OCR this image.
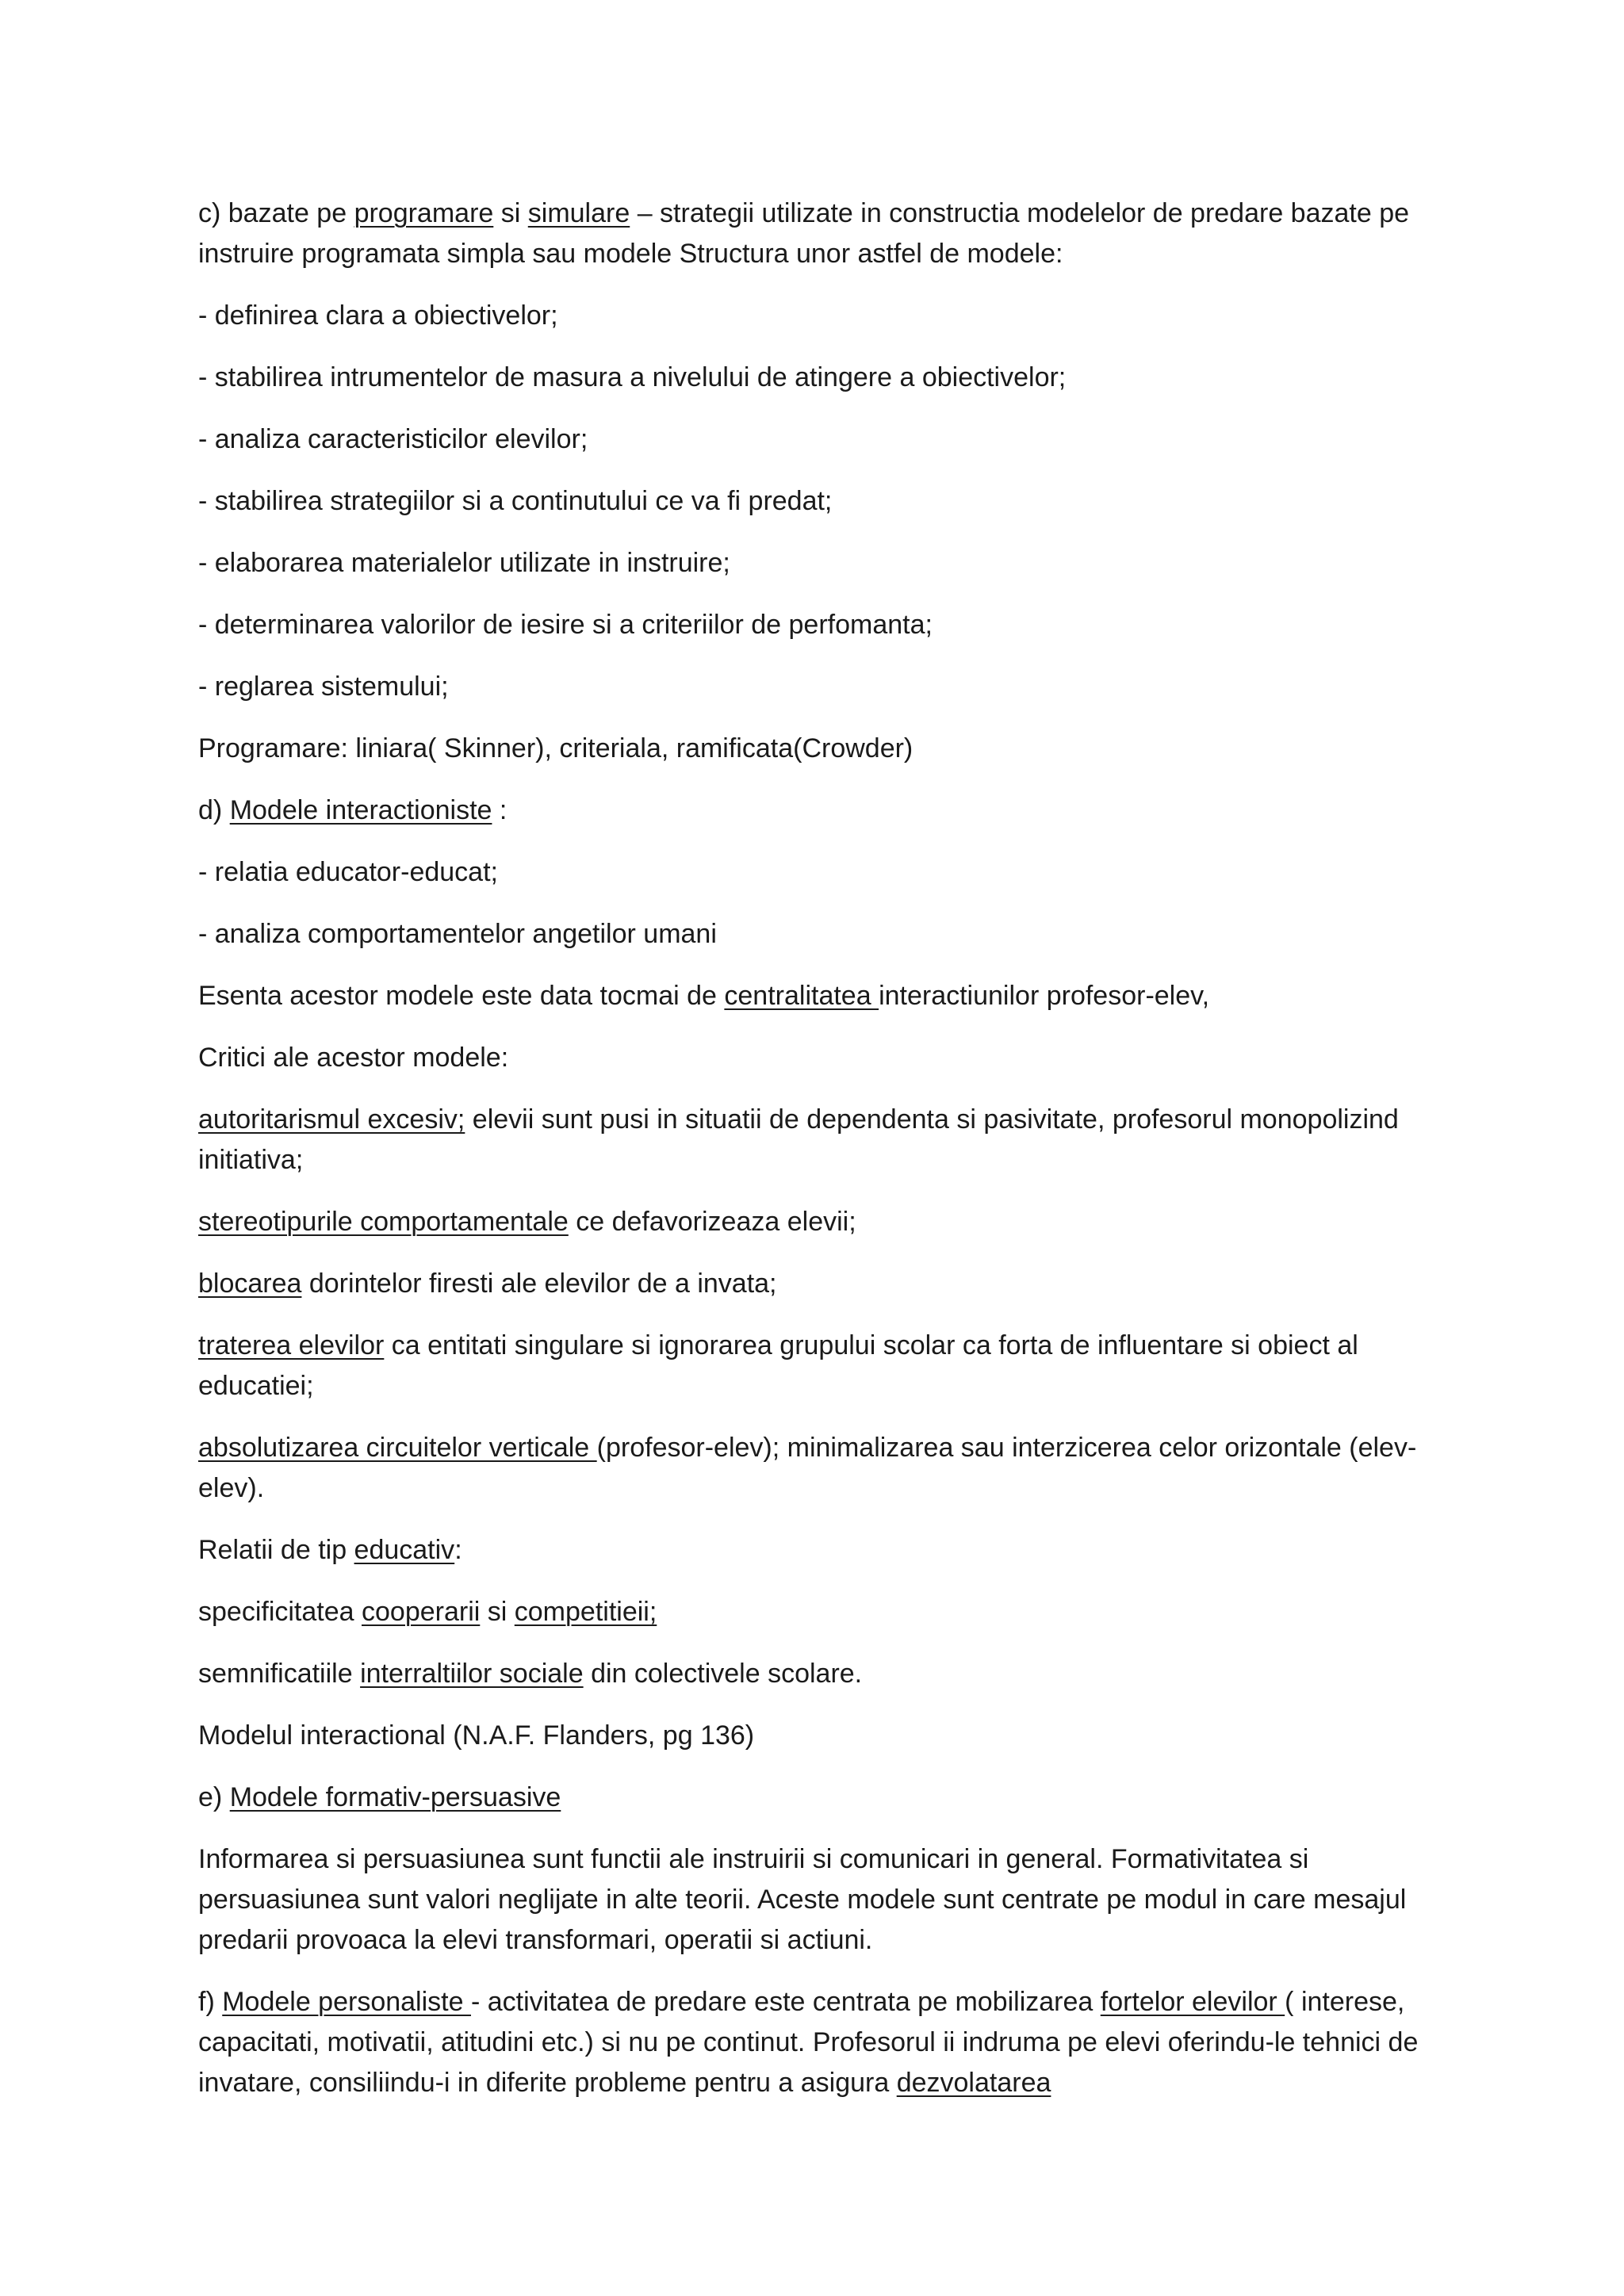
c) bazate pe programare si simulare – strategii utilizate in constructia modelelor de predare bazate pe instruire programata simpla sau modele Structura unor astfel de modele:

- definirea clara a obiectivelor;

- stabilirea intrumentelor de masura a nivelului de atingere a obiectivelor;

- analiza caracteristicilor elevilor;

- stabilirea strategiilor si a continutului ce va fi predat;

- elaborarea materialelor utilizate in instruire;

- determinarea valorilor de iesire si a criteriilor de perfomanta;

- reglarea sistemului;

Programare: liniara( Skinner), criteriala, ramificata(Crowder)

d) Modele interactioniste :

- relatia educator-educat;

- analiza comportamentelor angetilor umani

Esenta acestor modele este data tocmai de centralitatea interactiunilor profesor-elev,

Critici ale acestor modele:

autoritarismul excesiv; elevii sunt pusi in situatii de dependenta si pasivitate, profesorul monopolizind initiativa;

stereotipurile comportamentale ce defavorizeaza elevii;

blocarea dorintelor firesti ale elevilor de a invata;

traterea elevilor ca entitati singulare si ignorarea grupului scolar ca forta de influentare si obiect al educatiei;

absolutizarea circuitelor verticale (profesor-elev); minimalizarea sau interzicerea celor orizontale (elev-elev).

Relatii de tip educativ:

specificitatea cooperarii si competitieii;

semnificatiile interraltiilor sociale din colectivele scolare.

Modelul interactional (N.A.F. Flanders, pg 136)

e) Modele formativ-persuasive

Informarea si persuasiunea sunt functii ale instruirii si comunicari in general. Formativitatea si persuasiunea sunt valori neglijate in alte teorii. Aceste modele sunt centrate pe modul in care mesajul predarii provoaca la elevi transformari, operatii si actiuni.

f) Modele personaliste - activitatea de predare este centrata pe mobilizarea fortelor elevilor ( interese, capacitati, motivatii, atitudini etc.) si nu pe continut. Profesorul ii indruma pe elevi oferindu-le tehnici de invatare, consiliindu-i in diferite probleme pentru a asigura dezvolatarea
